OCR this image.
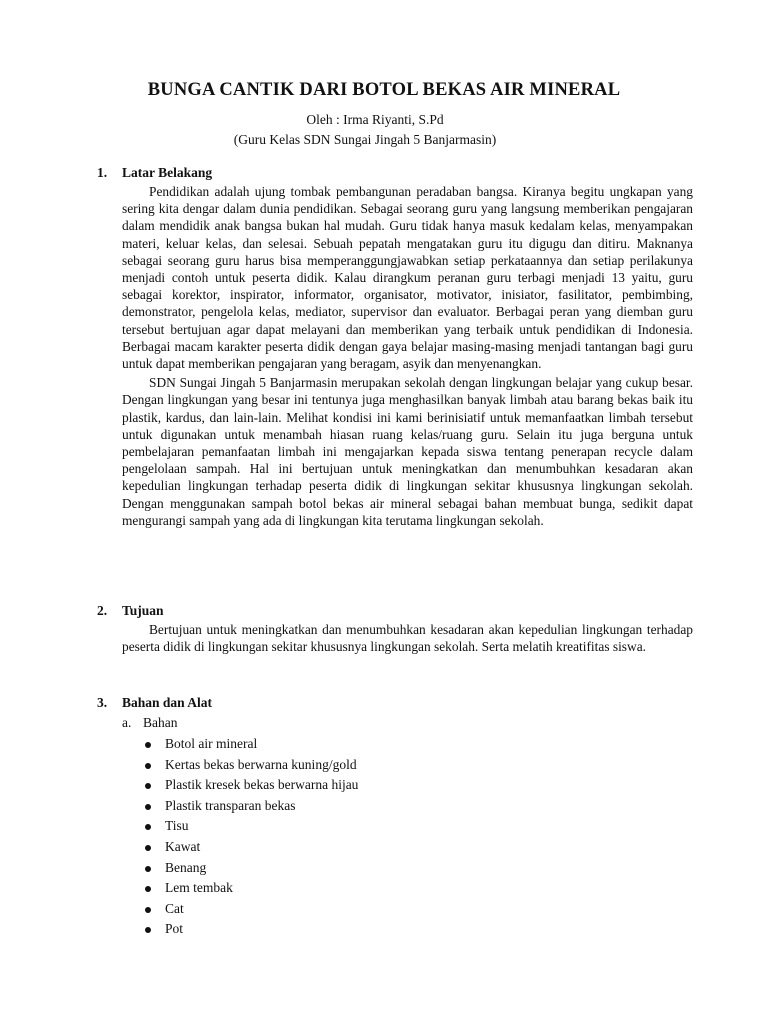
BUNGA CANTIK DARI BOTOL BEKAS AIR MINERAL
Oleh : Irma Riyanti, S.Pd
(Guru Kelas SDN Sungai Jingah 5 Banjarmasin)
1. Latar Belakang
Pendidikan adalah ujung tombak pembangunan peradaban bangsa. Kiranya begitu ungkapan yang sering kita dengar dalam dunia pendidikan. Sebagai seorang guru yang langsung memberikan pengajaran dalam mendidik anak bangsa bukan hal mudah. Guru tidak hanya masuk kedalam kelas, menyampakan materi, keluar kelas, dan selesai. Sebuah pepatah mengatakan guru itu digugu dan ditiru. Maknanya sebagai seorang guru harus bisa memperanggungjawabkan setiap perkataannya dan setiap perilakunya menjadi contoh untuk peserta didik. Kalau dirangkum peranan guru terbagi menjadi 13 yaitu, guru sebagai korektor, inspirator, informator, organisator, motivator, inisiator, fasilitator, pembimbing, demonstrator, pengelola kelas, mediator, supervisor dan evaluator. Berbagai peran yang diemban guru tersebut bertujuan agar dapat melayani dan memberikan yang terbaik untuk pendidikan di Indonesia. Berbagai macam karakter peserta didik dengan gaya belajar masing-masing menjadi tantangan bagi guru untuk dapat memberikan pengajaran yang beragam, asyik dan menyenangkan.
SDN Sungai Jingah 5 Banjarmasin merupakan sekolah dengan lingkungan belajar yang cukup besar. Dengan lingkungan yang besar ini tentunya juga menghasilkan banyak limbah atau barang bekas baik itu plastik, kardus, dan lain-lain. Melihat kondisi ini kami berinisiatif untuk memanfaatkan limbah tersebut untuk digunakan untuk menambah hiasan ruang kelas/ruang guru. Selain itu juga berguna untuk pembelajaran pemanfaatan limbah ini mengajarkan kepada siswa tentang penerapan recycle dalam pengelolaan sampah. Hal ini bertujuan untuk meningkatkan dan menumbuhkan kesadaran akan kepedulian lingkungan terhadap peserta didik di lingkungan sekitar khususnya lingkungan sekolah. Dengan menggunakan sampah botol bekas air mineral sebagai bahan membuat bunga, sedikit dapat mengurangi sampah yang ada di lingkungan kita terutama lingkungan sekolah.
2. Tujuan
Bertujuan untuk meningkatkan dan menumbuhkan kesadaran akan kepedulian lingkungan terhadap peserta didik di lingkungan sekitar khususnya lingkungan sekolah. Serta melatih kreatifitas siswa.
3. Bahan dan Alat
a. Bahan
Botol air mineral
Kertas bekas berwarna kuning/gold
Plastik kresek bekas berwarna hijau
Plastik transparan bekas
Tisu
Kawat
Benang
Lem tembak
Cat
Pot
